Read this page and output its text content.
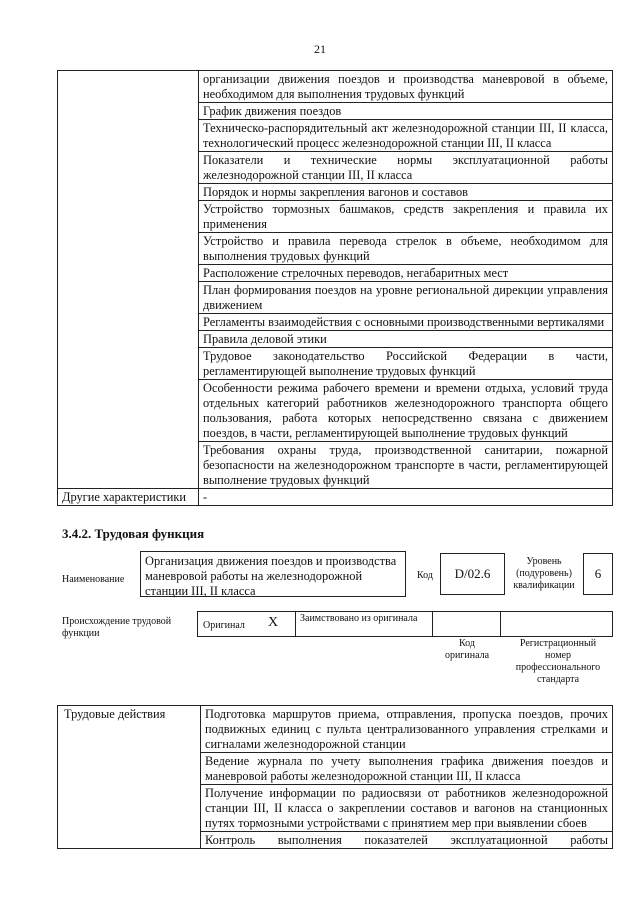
21
	организации движения поездов и производства маневровой в объеме, необходимом для выполнения трудовых функций
	График движения поездов
	Техническо-распорядительный акт железнодорожной станции III, II класса, технологический процесс железнодорожной станции III, II класса
	Показатели и технические нормы эксплуатационной работы железнодорожной станции III, II класса
	Порядок и нормы закрепления вагонов и составов
	Устройство тормозных башмаков, средств закрепления и правила их применения
	Устройство и правила перевода стрелок в объеме, необходимом для выполнения трудовых функций
	Расположение стрелочных переводов, негабаритных мест
	План формирования поездов на уровне региональной дирекции управления движением
	Регламенты взаимодействия с основными производственными вертикалями
	Правила деловой этики
	Трудовое законодательство Российской Федерации в части, регламентирующей выполнение трудовых функций
	Особенности режима рабочего времени и времени отдыха, условий труда отдельных категорий работников железнодорожного транспорта общего пользования, работа которых непосредственно связана с движением поездов, в части, регламентирующей выполнение трудовых функций
	Требования охраны труда, производственной санитарии, пожарной безопасности на железнодорожном транспорте в части, регламентирующей выполнение трудовых функций
Другие характеристики	-
3.4.2. Трудовая функция
Наименование
Организация движения поездов и производства маневровой работы на железнодорожной станции III, II класса
Код	D/02.6
Уровень (подуровень) квалификации
6
Происхождение трудовой функции
Оригинал X Заимствовано из оригинала
Код оригинала
Регистрационный номер профессионального стандарта
Трудовые действия	Подготовка маршрутов приема, отправления, пропуска поездов, прочих подвижных единиц с пульта централизованного управления стрелками и сигналами железнодорожной станции
Ведение журнала по учету выполнения графика движения поездов и маневровой работы железнодорожной станции III, II класса
Получение информации по радиосвязи от работников железнодорожной станции III, II класса о закреплении составов и вагонов на станционных путях тормозными устройствами с принятием мер при выявлении сбоев
Контроль выполнения показателей эксплуатационной работы
